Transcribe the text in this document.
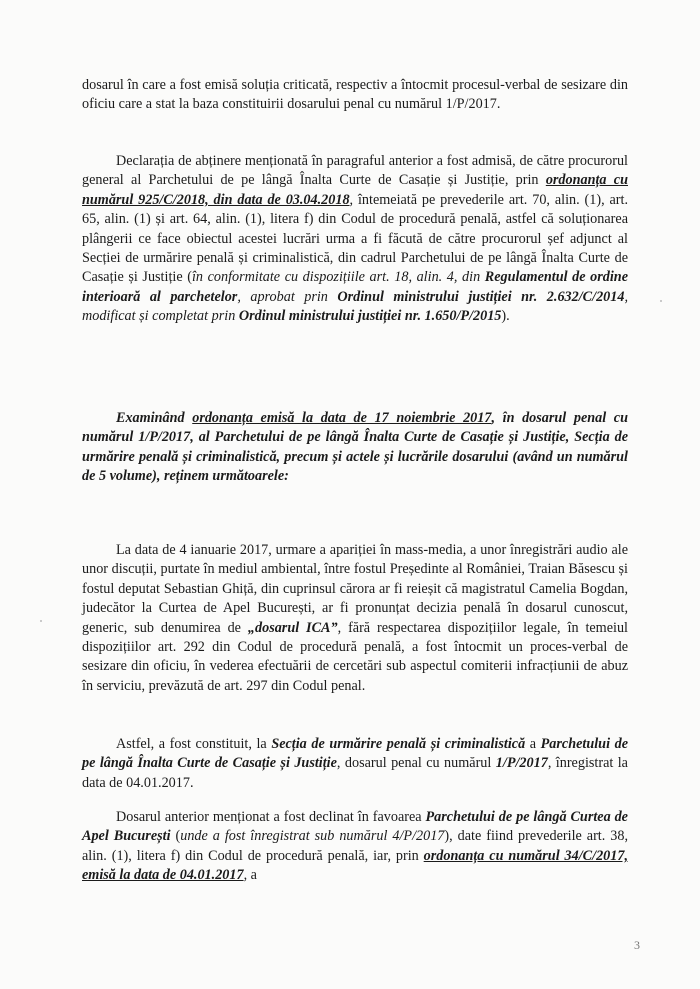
dosarul în care a fost emisă soluția criticată, respectiv a întocmit procesul-verbal de sesizare din oficiu care a stat la baza constituirii dosarului penal cu numărul 1/P/2017.

Declarația de abținere menționată în paragraful anterior a fost admisă, de către procurorul general al Parchetului de pe lângă Înalta Curte de Casație și Justiție, prin ordonanța cu numărul 925/C/2018, din data de 03.04.2018, întemeiată pe prevederile art. 70, alin. (1), art. 65, alin. (1) și art. 64, alin. (1), litera f) din Codul de procedură penală, astfel că soluționarea plângerii ce face obiectul acestei lucrări urma a fi făcută de către procurorul șef adjunct al Secției de urmărire penală și criminalistică, din cadrul Parchetului de pe lângă Înalta Curte de Casație și Justiție (în conformitate cu dispozițiile art. 18, alin. 4, din Regulamentul de ordine interioară al parchetelor, aprobat prin Ordinul ministrului justiției nr. 2.632/C/2014, modificat și completat prin Ordinul ministrului justiției nr. 1.650/P/2015).

Examinând ordonanța emisă la data de 17 noiembrie 2017, în dosarul penal cu numărul 1/P/2017, al Parchetului de pe lângă Înalta Curte de Casație și Justiție, Secția de urmărire penală și criminalistică, precum și actele și lucrările dosarului (având un numărul de 5 volume), reținem următoarele:

La data de 4 ianuarie 2017, urmare a apariției în mass-media, a unor înregistrări audio ale unor discuții, purtate în mediul ambiental, între fostul Președinte al României, Traian Băsescu și fostul deputat Sebastian Ghiță, din cuprinsul cărora ar fi reieșit că magistratul Camelia Bogdan, judecător la Curtea de Apel București, ar fi pronunțat decizia penală în dosarul cunoscut, generic, sub denumirea de „dosarul ICA”, fără respectarea dispozițiilor legale, în temeiul dispozițiilor art. 292 din Codul de procedură penală, a fost întocmit un proces-verbal de sesizare din oficiu, în vederea efectuării de cercetări sub aspectul comiterii infracțiunii de abuz în serviciu, prevăzută de art. 297 din Codul penal.

Astfel, a fost constituit, la Secția de urmărire penală și criminalistică a Parchetului de pe lângă Înalta Curte de Casație și Justiție, dosarul penal cu numărul 1/P/2017, înregistrat la data de 04.01.2017.

Dosarul anterior menționat a fost declinat în favoarea Parchetului de pe lângă Curtea de Apel București (unde a fost înregistrat sub numărul 4/P/2017), date fiind prevederile art. 38, alin. (1), litera f) din Codul de procedură penală, iar, prin ordonanța cu numărul 34/C/2017, emisă la data de 04.01.2017, a

3
